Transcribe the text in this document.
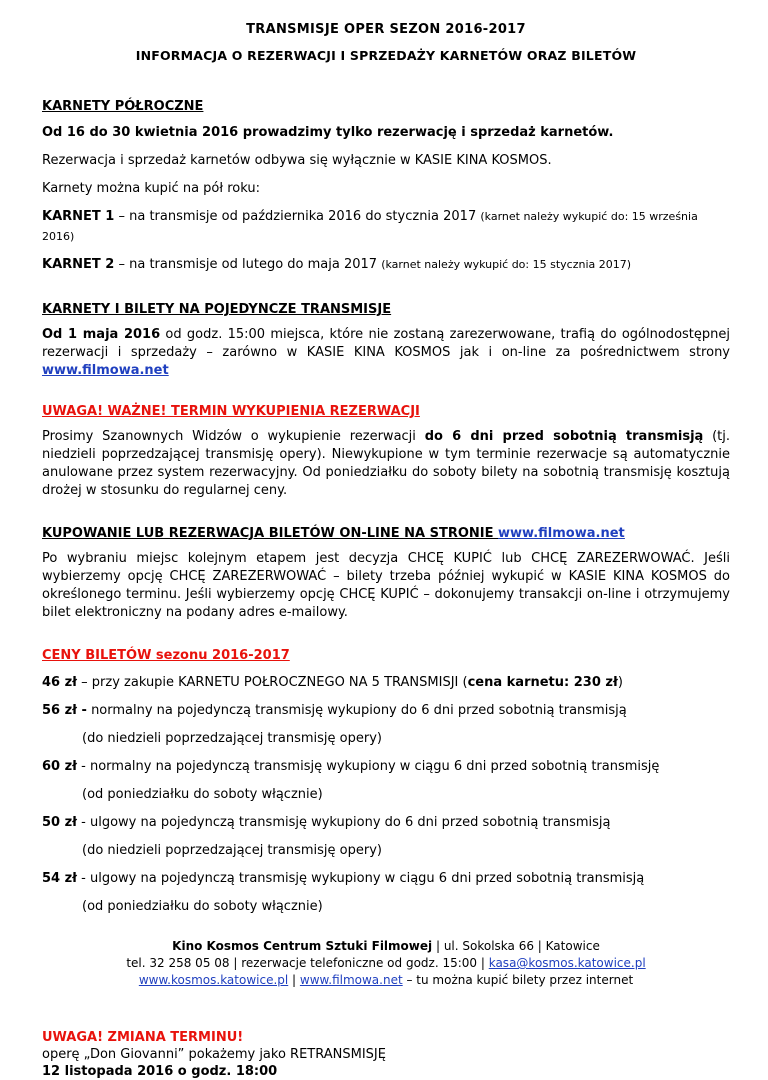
TRANSMISJE OPER SEZON 2016-2017
INFORMACJA O REZERWACJI I SPRZEDAŻY KARNETÓW ORAZ BILETÓW
KARNETY PÓŁROCZNE
Od 16 do 30 kwietnia 2016 prowadzimy tylko rezerwację i sprzedaż karnetów.
Rezerwacja i sprzedaż karnetów odbywa się wyłącznie w KASIE KINA KOSMOS.
Karnety można kupić na pół roku:
KARNET 1 – na transmisje od października 2016 do stycznia 2017 (karnet należy wykupić do: 15 września 2016)
KARNET 2 – na transmisje od lutego do maja 2017 (karnet należy wykupić do: 15 stycznia 2017)
KARNETY I BILETY NA POJEDYNCZE TRANSMISJE
Od 1 maja 2016 od godz. 15:00 miejsca, które nie zostaną zarezerwowane, trafią do ogólnodostępnej rezerwacji i sprzedaży – zarówno w KASIE KINA KOSMOS jak i on-line za pośrednictwem strony www.filmowa.net
UWAGA! WAŻNE! TERMIN WYKUPIENIA REZERWACJI
Prosimy Szanownych Widzów o wykupienie rezerwacji do 6 dni przed sobotnią transmisją (tj. niedzieli poprzedzającej transmisję opery). Niewykupione w tym terminie rezerwacje są automatycznie anulowane przez system rezerwacyjny. Od poniedziałku do soboty bilety na sobotnią transmisję kosztują drożej w stosunku do regularnej ceny.
KUPOWANIE LUB REZERWACJA BILETÓW ON-LINE NA STRONIE www.filmowa.net
Po wybraniu miejsc kolejnym etapem jest decyzja CHCĘ KUPIĆ lub CHCĘ ZAREZERWOWAĆ. Jeśli wybierzemy opcję CHCĘ ZAREZERWOWAĆ – bilety trzeba później wykupić w KASIE KINA KOSMOS do określonego terminu. Jeśli wybierzemy opcję CHCĘ KUPIĆ – dokonujemy transakcji on-line i otrzymujemy bilet elektroniczny na podany adres e-mailowy.
CENY BILETÓW sezonu 2016-2017
46 zł – przy zakupie KARNETU POŁROCZNEGO NA 5 TRANSMISJI (cena karnetu: 230 zł)
56 zł - normalny na pojedynczą transmisję wykupiony do 6 dni przed sobotnią transmisją
(do niedzieli poprzedzającej transmisję opery)
60 zł - normalny na pojedynczą transmisję wykupiony w ciągu 6 dni przed sobotnią transmisję
(od poniedziałku do soboty włącznie)
50 zł - ulgowy na pojedynczą transmisję wykupiony do 6 dni przed sobotnią transmisją
(do niedzieli poprzedzającej transmisję opery)
54 zł - ulgowy na pojedynczą transmisję wykupiony w ciągu 6 dni przed sobotnią transmisją
(od poniedziałku do soboty włącznie)
Kino Kosmos Centrum Sztuki Filmowej | ul. Sokolska 66 | Katowice
tel. 32 258 05 08 | rezerwacje telefoniczne od godz. 15:00 | kasa@kosmos.katowice.pl
www.kosmos.katowice.pl | www.filmowa.net – tu można kupić bilety przez internet
UWAGA! ZMIANA TERMINU!
operę „Don Giovanni” pokażemy jako RETRANSMISJĘ
12 listopada 2016 o godz. 18:00
